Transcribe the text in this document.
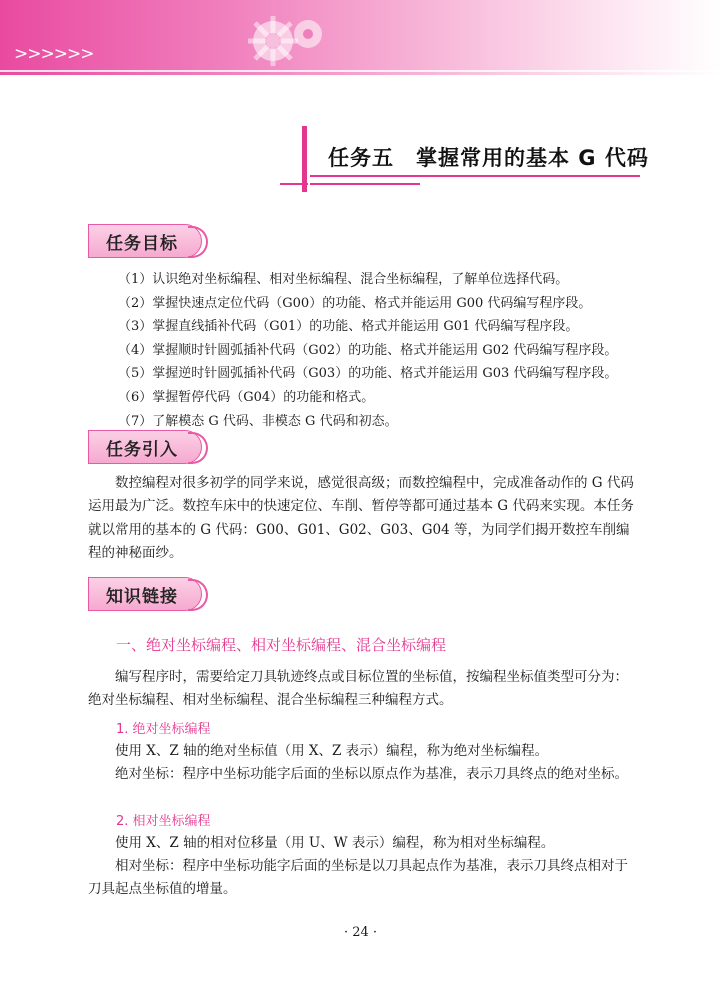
>>>>>>
任务五　掌握常用的基本 G 代码
任务目标
（1）认识绝对坐标编程、相对坐标编程、混合坐标编程，了解单位选择代码。
（2）掌握快速点定位代码（G00）的功能、格式并能运用 G00 代码编写程序段。
（3）掌握直线插补代码（G01）的功能、格式并能运用 G01 代码编写程序段。
（4）掌握顺时针圆弧插补代码（G02）的功能、格式并能运用 G02 代码编写程序段。
（5）掌握逆时针圆弧插补代码（G03）的功能、格式并能运用 G03 代码编写程序段。
（6）掌握暂停代码（G04）的功能和格式。
（7）了解模态 G 代码、非模态 G 代码和初态。
任务引入
数控编程对很多初学的同学来说，感觉很高级；而数控编程中，完成准备动作的 G 代码运用最为广泛。数控车床中的快速定位、车削、暂停等都可通过基本 G 代码来实现。本任务就以常用的基本的 G 代码：G00、G01、G02、G03、G04 等，为同学们揭开数控车削编程的神秘面纱。
知识链接
一、绝对坐标编程、相对坐标编程、混合坐标编程
编写程序时，需要给定刀具轨迹终点或目标位置的坐标值，按编程坐标值类型可分为：绝对坐标编程、相对坐标编程、混合坐标编程三种编程方式。
1. 绝对坐标编程
使用 X、Z 轴的绝对坐标值（用 X、Z 表示）编程，称为绝对坐标编程。
绝对坐标：程序中坐标功能字后面的坐标以原点作为基准，表示刀具终点的绝对坐标。
2. 相对坐标编程
使用 X、Z 轴的相对位移量（用 U、W 表示）编程，称为相对坐标编程。
相对坐标：程序中坐标功能字后面的坐标是以刀具起点作为基准，表示刀具终点相对于刀具起点坐标值的增量。
· 24 ·
